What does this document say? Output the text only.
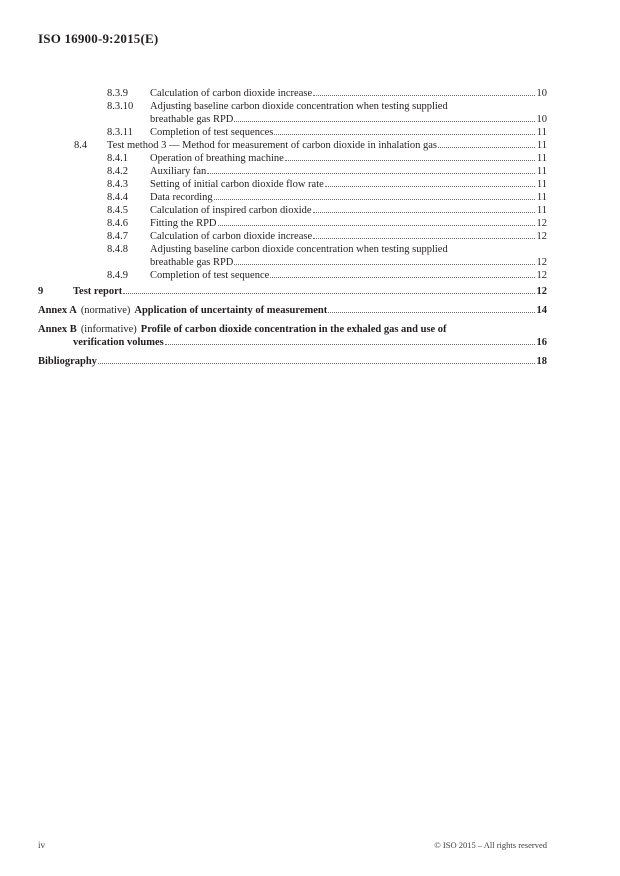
ISO 16900-9:2015(E)
8.3.9	Calculation of carbon dioxide increase	10
8.3.10	Adjusting baseline carbon dioxide concentration when testing supplied
breathable gas RPD	10
8.3.11	Completion of test sequences	11
8.4	Test method 3 — Method for measurement of carbon dioxide in inhalation gas	11
8.4.1	Operation of breathing machine	11
8.4.2	Auxiliary fan	11
8.4.3	Setting of initial carbon dioxide flow rate	11
8.4.4	Data recording	11
8.4.5	Calculation of inspired carbon dioxide	11
8.4.6	Fitting the RPD	12
8.4.7	Calculation of carbon dioxide increase	12
8.4.8	Adjusting baseline carbon dioxide concentration when testing supplied
breathable gas RPD	12
8.4.9	Completion of test sequence	12
9	Test report	12
Annex A (normative) Application of uncertainty of measurement	14
Annex B (informative) Profile of carbon dioxide concentration in the exhaled gas and use of
verification volumes	16
Bibliography	18
iv	© ISO 2015 – All rights reserved
